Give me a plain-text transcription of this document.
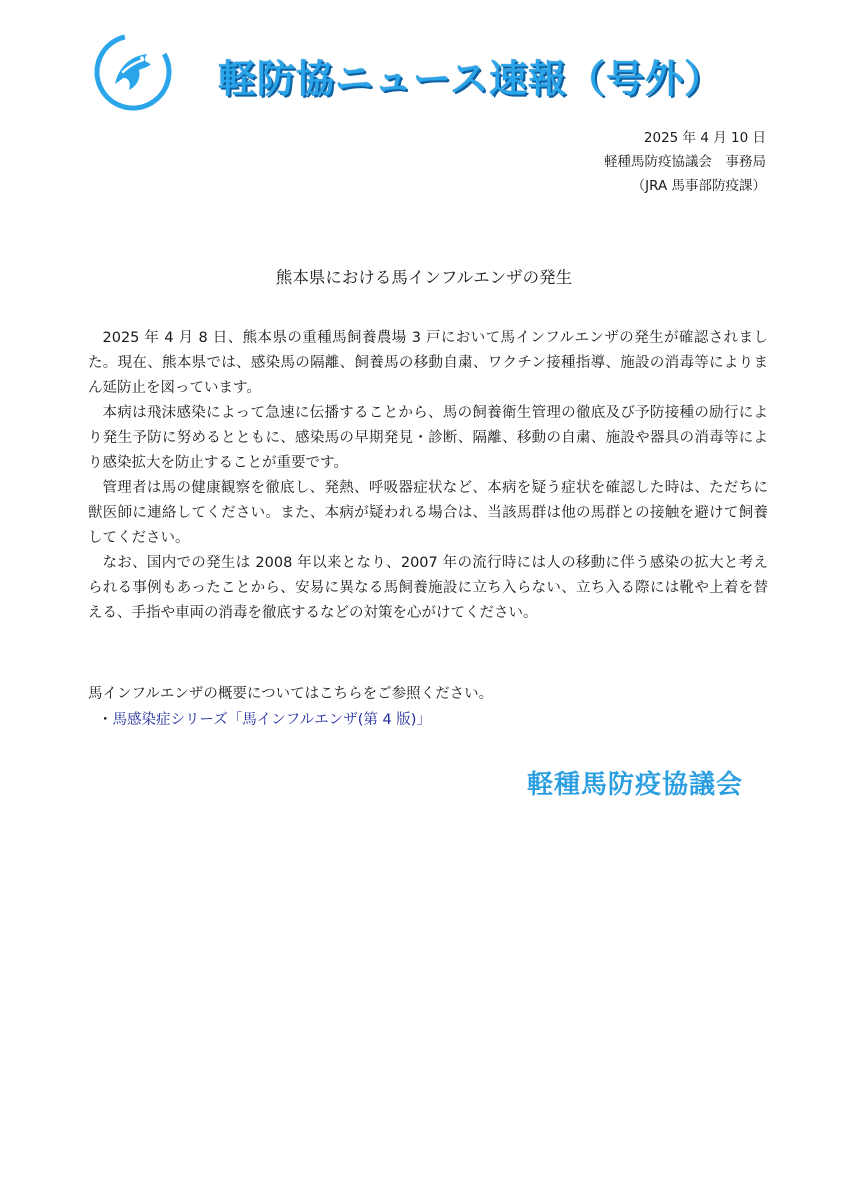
軽防協ニュース速報（号外）
2025 年 4 月 10 日
軽種馬防疫協議会　事務局
（JRA 馬事部防疫課）
熊本県における馬インフルエンザの発生

2025 年 4 月 8 日、熊本県の重種馬飼養農場 3 戸において馬インフルエンザの発生が確認されました。現在、熊本県では、感染馬の隔離、飼養馬の移動自粛、ワクチン接種指導、施設の消毒等によりまん延防止を図っています。

本病は飛沫感染によって急速に伝播することから、馬の飼養衛生管理の徹底及び予防接種の励行により発生予防に努めるとともに、感染馬の早期発見・診断、隔離、移動の自粛、施設や器具の消毒等により感染拡大を防止することが重要です。

管理者は馬の健康観察を徹底し、発熱、呼吸器症状など、本病を疑う症状を確認した時は、ただちに獣医師に連絡してください。また、本病が疑われる場合は、当該馬群は他の馬群との接触を避けて飼養してください。

なお、国内での発生は 2008 年以来となり、2007 年の流行時には人の移動に伴う感染の拡大と考えられる事例もあったことから、安易に異なる馬飼養施設に立ち入らない、立ち入る際には靴や上着を替える、手指や車両の消毒を徹底するなどの対策を心がけてください。

馬インフルエンザの概要についてはこちらをご参照ください。
・馬感染症シリーズ「馬インフルエンザ(第 4 版)」
軽種馬防疫協議会
